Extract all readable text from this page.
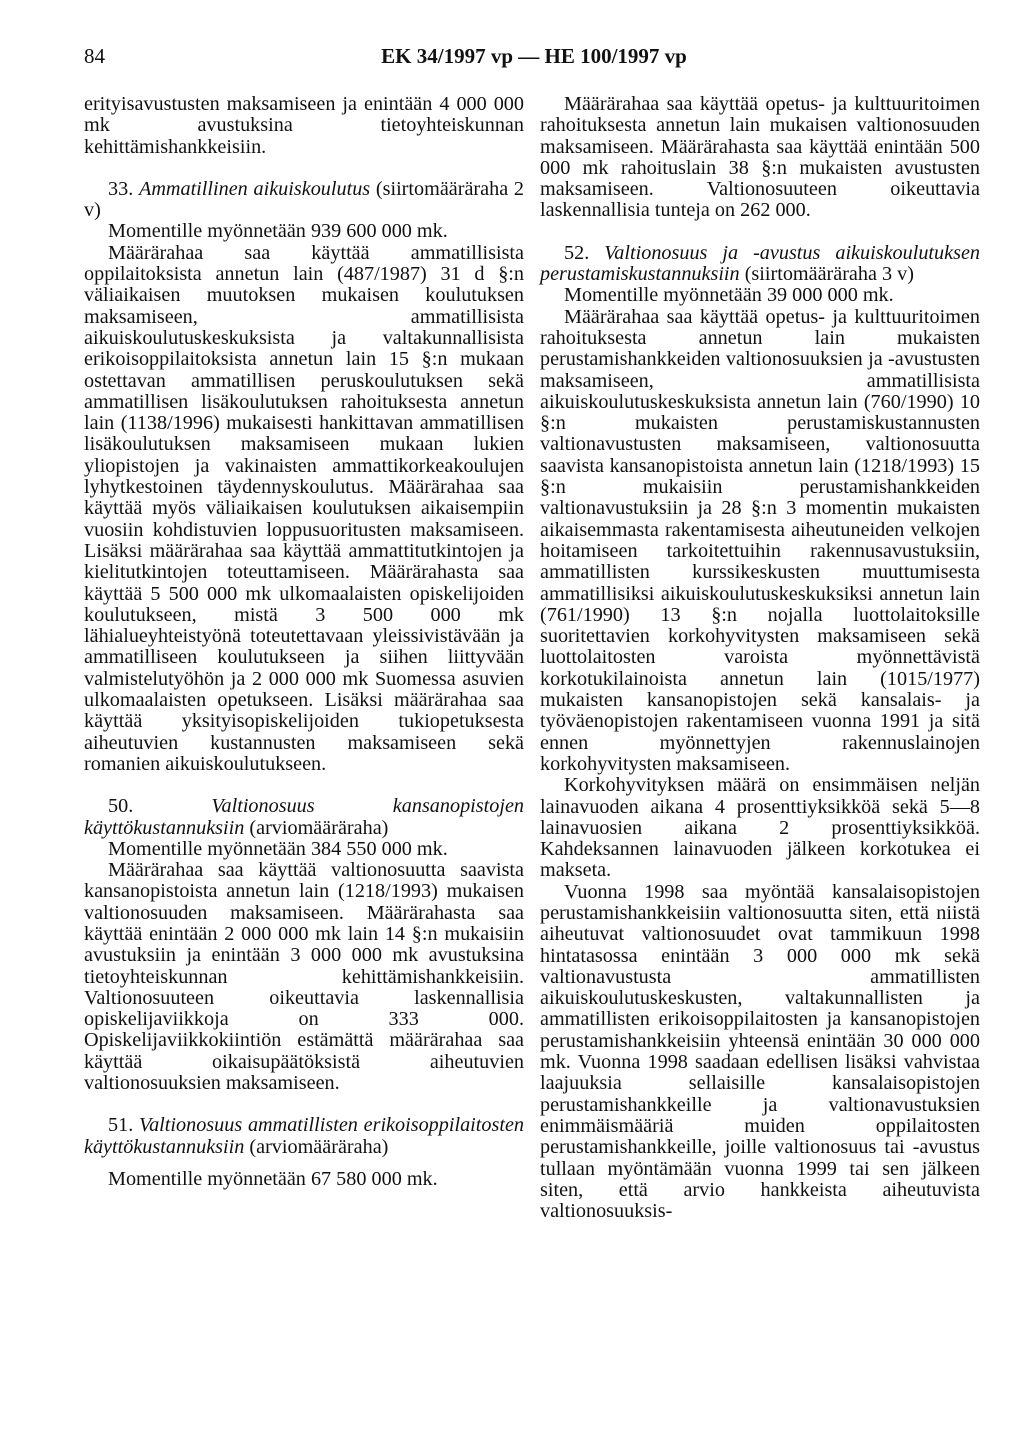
84	EK 34/1997 vp — HE 100/1997 vp

erityisavustusten maksamiseen ja enintään 4 000 000 mk avustuksina tietoyhteiskunnan kehittämishankkeisiin.

33. Ammatillinen aikuiskoulutus (siirtomääräraha 2 v)

Momentille myönnetään 939 600 000 mk.

Määrärahaa saa käyttää ammatillisista oppilaitoksista annetun lain (487/1987) 31 d §:n väliaikaisen muutoksen mukaisen koulutuksen maksamiseen, ammatillisista aikuiskoulutuskeskuksista ja valtakunnallisista erikoisoppilaitoksista annetun lain 15 §:n mukaan ostettavan ammatillisen peruskoulutuksen sekä ammatillisen lisäkoulutuksen rahoituksesta annetun lain (1138/1996) mukaisesti hankittavan ammatillisen lisäkoulutuksen maksamiseen mukaan lukien yliopistojen ja vakinaisten ammattikorkeakoulujen lyhytkestoinen täydennyskoulutus. Määrärahaa saa käyttää myös väliaikaisen koulutuksen aikaisempiin vuosiin kohdistuvien loppusuoritusten maksamiseen. Lisäksi määrärahaa saa käyttää ammattitutkintojen ja kielitutkintojen toteuttamiseen. Määrärahasta saa käyttää 5 500 000 mk ulkomaalaisten opiskelijoiden koulutukseen, mistä 3 500 000 mk lähialueyhteistyönä toteutettavaan yleissivistävään ja ammatilliseen koulutukseen ja siihen liittyvään valmistelutyöhön ja 2 000 000 mk Suomessa asuvien ulkomaalaisten opetukseen. Lisäksi määrärahaa saa käyttää yksityisopiskelijoiden tukiopetuksesta aiheutuvien kustannusten maksamiseen sekä romanien aikuiskoulutukseen.

50. Valtionosuus kansanopistojen käyttökustannuksiin (arviomääräraha)

Momentille myönnetään 384 550 000 mk.

Määrärahaa saa käyttää valtionosuutta saavista kansanopistoista annetun lain (1218/1993) mukaisen valtionosuuden maksamiseen. Määrärahasta saa käyttää enintään 2 000 000 mk lain 14 §:n mukaisiin avustuksiin ja enintään 3 000 000 mk avustuksina tietoyhteiskunnan kehittämishankkeisiin. Valtionosuuteen oikeuttavia laskennallisia opiskelijaviikkoja on 333 000. Opiskelijaviikkokiintiön estämättä määrärahaa saa käyttää oikaisupäätöksistä aiheutuvien valtionosuuksien maksamiseen.

51. Valtionosuus ammatillisten erikoisoppilaitosten käyttökustannuksiin (arviomääräraha)

Momentille myönnetään 67 580 000 mk.

Määrärahaa saa käyttää opetus- ja kulttuuritoimen rahoituksesta annetun lain mukaisen valtionosuuden maksamiseen. Määrärahasta saa käyttää enintään 500 000 mk rahoituslain 38 §:n mukaisten avustusten maksamiseen. Valtionosuuteen oikeuttavia laskennallisia tunteja on 262 000.

52. Valtionosuus ja -avustus aikuiskoulutuksen perustamiskustannuksiin (siirtomääräraha 3 v)

Momentille myönnetään 39 000 000 mk.

Määrärahaa saa käyttää opetus- ja kulttuuritoimen rahoituksesta annetun lain mukaisten perustamishankkeiden valtionosuuksien ja -avustusten maksamiseen, ammatillisista aikuiskoulutuskeskuksista annetun lain (760/1990) 10 §:n mukaisten perustamiskustannusten valtionavustusten maksamiseen, valtionosuutta saavista kansanopistoista annetun lain (1218/1993) 15 §:n mukaisiin perustamishankkeiden valtionavustuksiin ja 28 §:n 3 momentin mukaisten aikaisemmasta rakentamisesta aiheutuneiden velkojen hoitamiseen tarkoitettuihin rakennusavustuksiin, ammatillisten kurssikeskusten muuttumisesta ammatillisiksi aikuiskoulutuskeskuksiksi annetun lain (761/1990) 13 §:n nojalla luottolaitoksille suoritettavien korkohyvitysten maksamiseen sekä luottolaitosten varoista myönnettävistä korkotukilainoista annetun lain (1015/1977) mukaisten kansanopistojen sekä kansalais- ja työväenopistojen rakentamiseen vuonna 1991 ja sitä ennen myönnettyjen rakennuslainojen korkohyvitysten maksamiseen.

Korkohyvityksen määrä on ensimmäisen neljän lainavuoden aikana 4 prosenttiyksikköä sekä 5—8 lainavuosien aikana 2 prosenttiyksikköä. Kahdeksannen lainavuoden jälkeen korkotukea ei makseta.

Vuonna 1998 saa myöntää kansalaisopistojen perustamishankkeisiin valtionosuutta siten, että niistä aiheutuvat valtionosuudet ovat tammikuun 1998 hintatasossa enintään 3 000 000 mk sekä valtionavustusta ammatillisten aikuiskoulutuskeskusten, valtakunnallisten ja ammatillisten erikoisoppilaitosten ja kansanopistojen perustamishankkeisiin yhteensä enintään 30 000 000 mk. Vuonna 1998 saadaan edellisen lisäksi vahvistaa laajuuksia sellaisille kansalaisopistojen perustamishankkeille ja valtionavustuksien enimmäismääriä muiden oppilaitosten perustamishankkeille, joille valtionosuus tai -avustus tullaan myöntämään vuonna 1999 tai sen jälkeen siten, että arvio hankkeista aiheutuvista valtionosuuksis-
